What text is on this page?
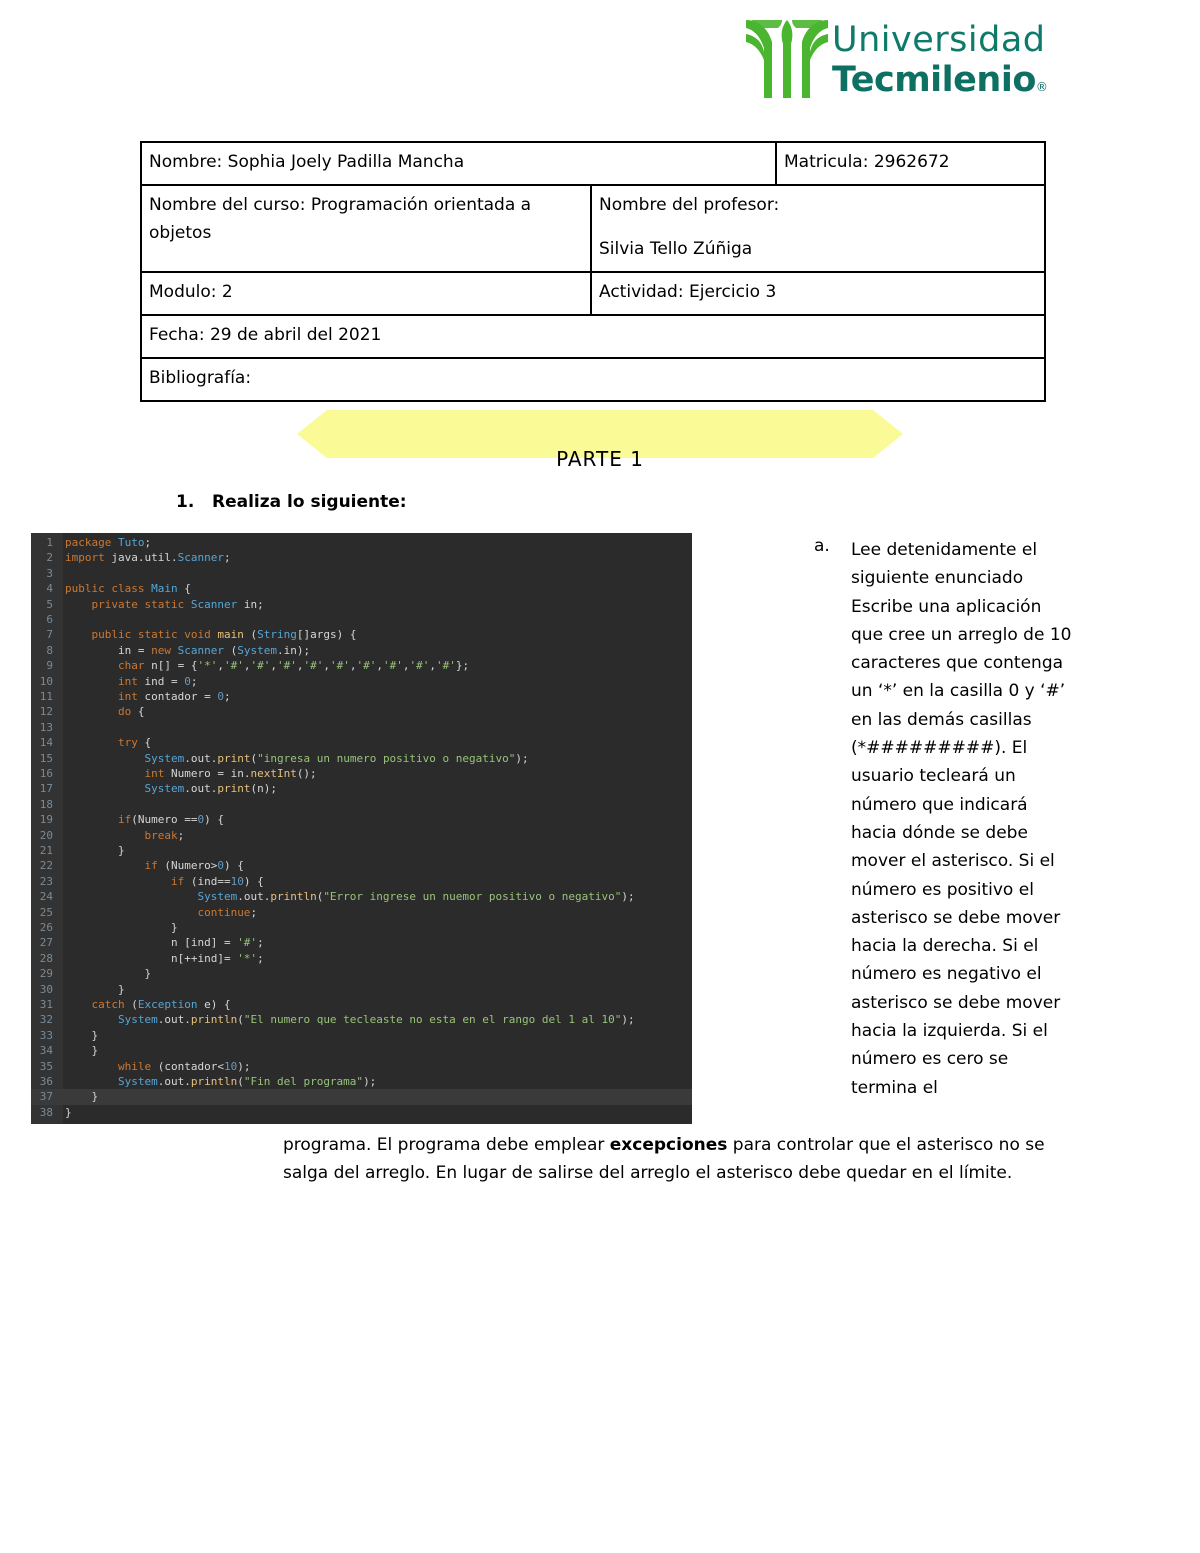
Universidad
Tecmilenio®
Nombre: Sophia Joely Padilla Mancha	Matricula: 2962672
Nombre del curso: Programación orientada a objetos
Nombre del profesor:
Silvia Tello Zúñiga
Modulo: 2	Actividad: Ejercicio 3
Fecha: 29 de abril del 2021
Bibliografía:
PARTE 1
1. Realiza lo siguiente:
1 package Tuto;
2 import java.util.Scanner;
3
4 public class Main {
5	private static Scanner in;
6
7	public static void main (String[]args) {
8        in = new Scanner (System.in);
9	char n[] = {'*','#','#','#','#','#','#','#','#','#'};
10	int ind = 0;
11	int contador = 0;
12	do {
13
14	try {
15	System.out.print("ingresa un numero positivo o negativo");
16	int Numero = in.nextInt();
17	System.out.print(n);
18
19	if(Numero ==0) {
20	break;
21        }
22	if (Numero>0) {
23	if (ind==10) {
24	System.out.println("Error ingrese un nuemor positivo o negativo");
25	continue;
26                }
27                n [ind] = '#';
28                n[++ind]= '*';
29            }
30        }
31	catch (Exception e) {
32	System.out.println("El numero que tecleaste no esta en el rango del 1 al 10");
33    }
34    }
35	while (contador<10);
36	System.out.println("Fin del programa");
37    }
38 }
a. Lee detenidamente el siguiente enunciado Escribe una aplicación que cree un arreglo de 10 caracteres que contenga un ‘*’ en la casilla 0 y ‘#’ en las demás casillas (*#########). El usuario tecleará un número que indicará hacia dónde se debe mover el asterisco. Si el número es positivo el asterisco se debe mover hacia la derecha. Si el número es negativo el asterisco se debe mover hacia la izquierda. Si el número es cero se termina el
programa. El programa debe emplear excepciones para controlar que el asterisco no se salga del arreglo. En lugar de salirse del arreglo el asterisco debe quedar en el límite.
